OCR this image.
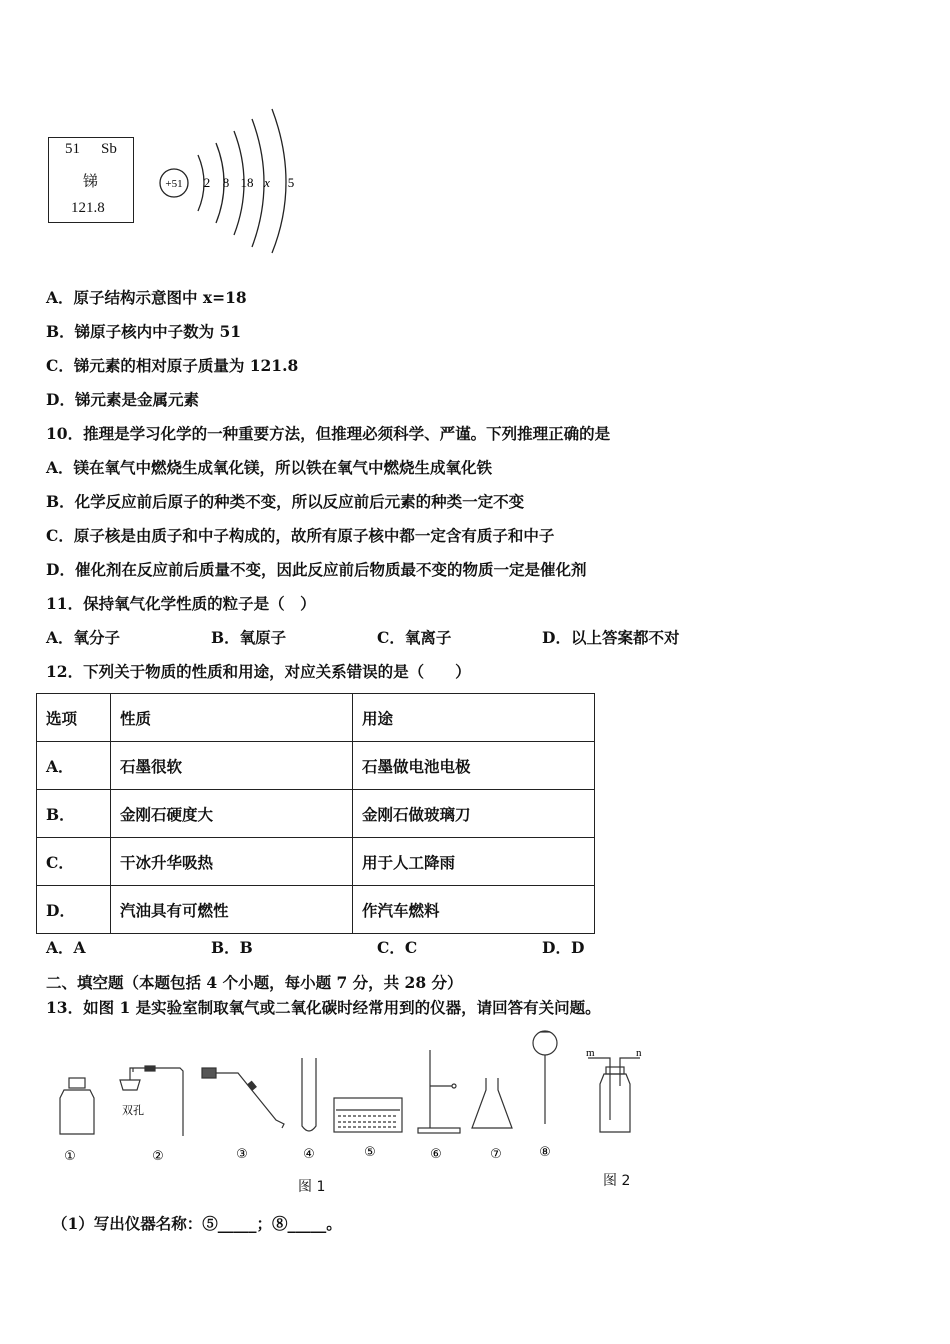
51 Sb
锑
121.8
+51 2 8 18 x 5
A．原子结构示意图中 x=18
B．锑原子核内中子数为 51
C．锑元素的相对原子质量为 121.8
D．锑元素是金属元素
10．推理是学习化学的一种重要方法，但推理必须科学、严谨。下列推理正确的是
A．镁在氧气中燃烧生成氧化镁，所以铁在氧气中燃烧生成氧化铁
B．化学反应前后原子的种类不变，所以反应前后元素的种类一定不变
C．原子核是由质子和中子构成的，故所有原子核中都一定含有质子和中子
D．催化剂在反应前后质量不变，因此反应前后物质最不变的物质一定是催化剂
11．保持氧气化学性质的粒子是（　）
A．氧分子	B．氧原子	C．氧离子	D．以上答案都不对
12．下列关于物质的性质和用途，对应关系错误的是（　　）
选项	性质	用途
A．	石墨很软	石墨做电池电极
B．	金刚石硬度大	金刚石做玻璃刀
C．	干冰升华吸热	用于人工降雨
D．	汽油具有可燃性	作汽车燃料
A．A	B．B	C．C	D．D
二、填空题（本题包括 4 个小题，每小题 7 分，共 28 分）
13．如图 1 是实验室制取氧气或二氧化碳时经常用到的仪器，请回答有关问题。
双孔
①	②	③	④	⑤	⑥	⑦	⑧
图 1
m	n
图 2
（1）写出仪器名称：⑤_____；⑧_____。
